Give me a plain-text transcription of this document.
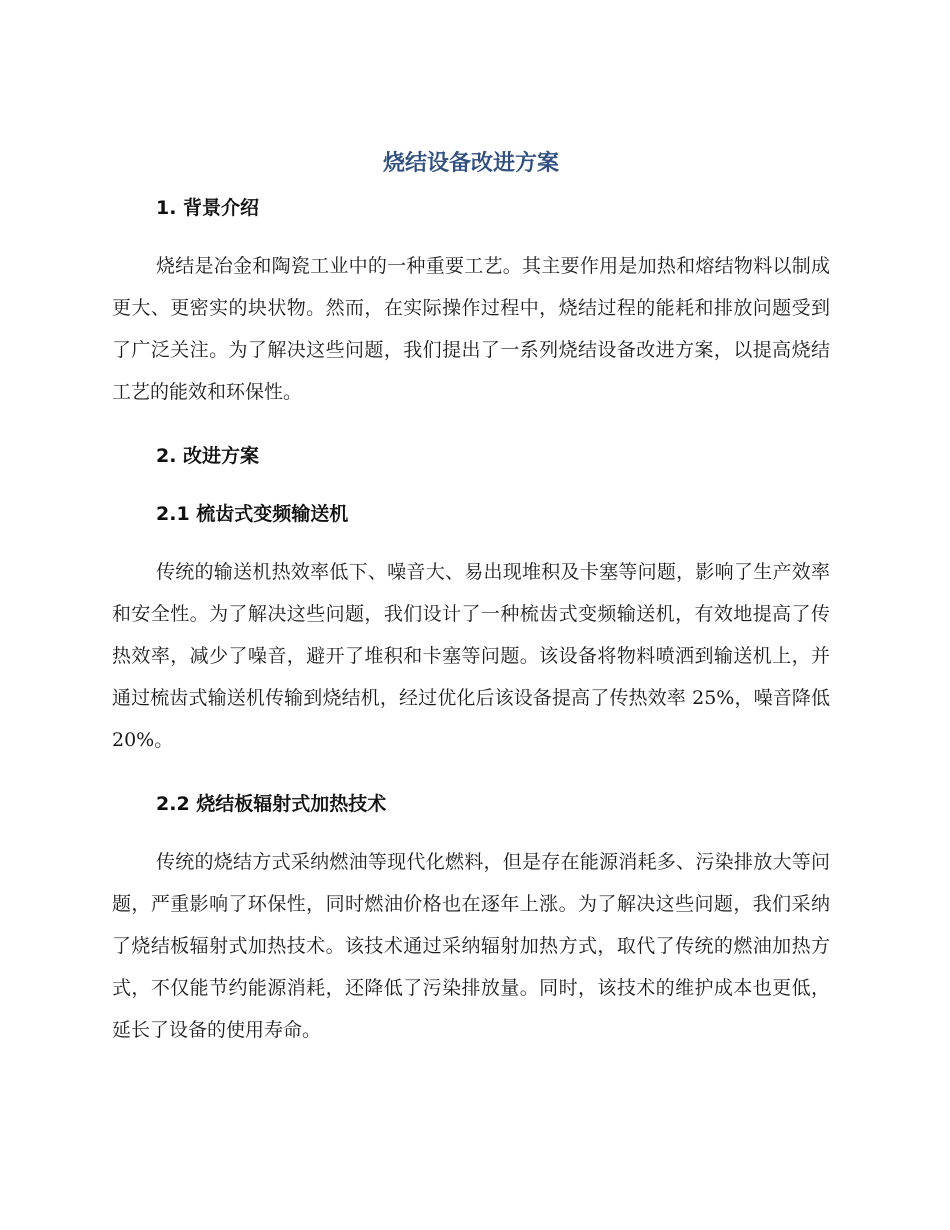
烧结设备改进方案
1. 背景介绍

烧结是冶金和陶瓷工业中的一种重要工艺。其主要作用是加热和熔结物料以制成更大、更密实的块状物。然而，在实际操作过程中，烧结过程的能耗和排放问题受到了广泛关注。为了解决这些问题，我们提出了一系列烧结设备改进方案，以提高烧结工艺的能效和环保性。

2. 改进方案
2.1 梳齿式变频输送机

传统的输送机热效率低下、噪音大、易出现堆积及卡塞等问题，影响了生产效率和安全性。为了解决这些问题，我们设计了一种梳齿式变频输送机，有效地提高了传热效率，减少了噪音，避开了堆积和卡塞等问题。该设备将物料喷洒到输送机上，并通过梳齿式输送机传输到烧结机，经过优化后该设备提高了传热效率 25%，噪音降低 20%。

2.2 烧结板辐射式加热技术

传统的烧结方式采纳燃油等现代化燃料，但是存在能源消耗多、污染排放大等问题，严重影响了环保性，同时燃油价格也在逐年上涨。为了解决这些问题，我们采纳了烧结板辐射式加热技术。该技术通过采纳辐射加热方式，取代了传统的燃油加热方式，不仅能节约能源消耗，还降低了污染排放量。同时，该技术的维护成本也更低，延长了设备的使用寿命。
